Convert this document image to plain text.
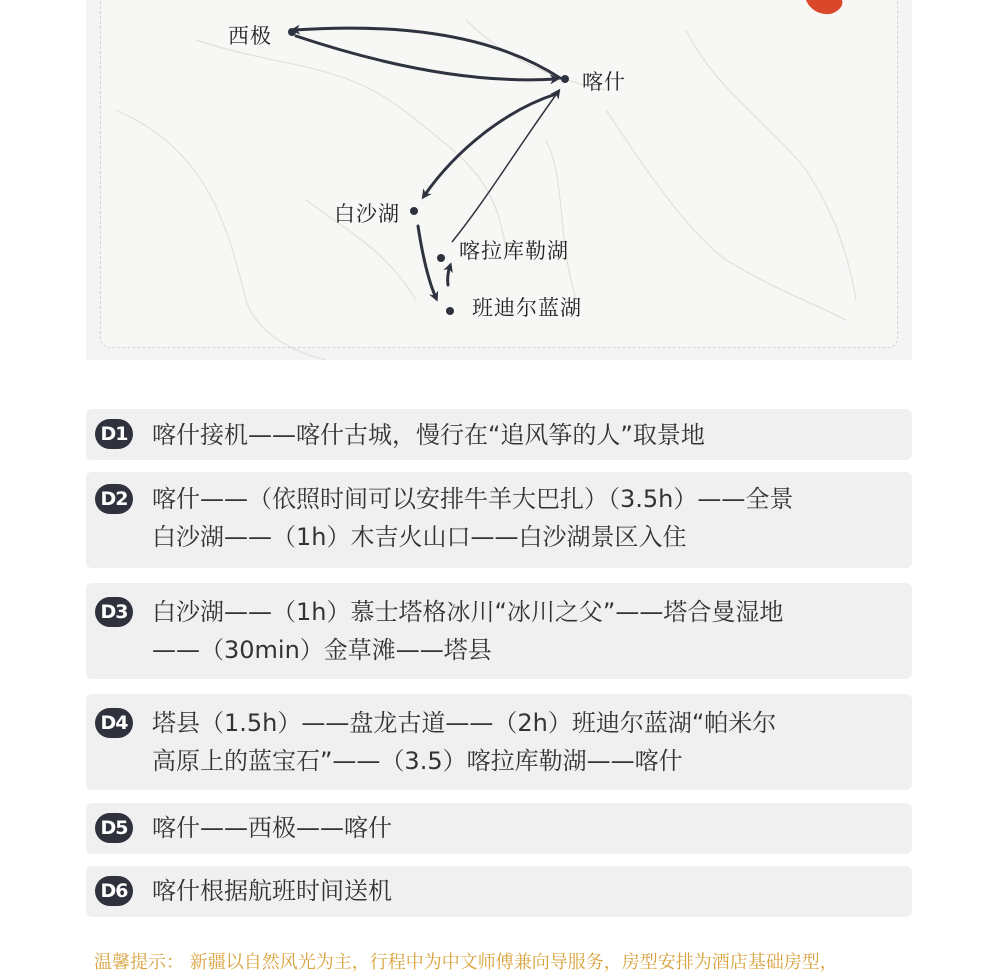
西极
喀什
白沙湖
喀拉库勒湖
班迪尔蓝湖
D1 喀什接机——喀什古城，慢行在“追风筝的人”取景地
D2 喀什——（依照时间可以安排牛羊大巴扎）（3.5h）——全景
白沙湖——（1h）木吉火山口——白沙湖景区入住
D3 白沙湖——（1h）慕士塔格冰川“冰川之父”——塔合曼湿地
——（30min）金草滩——塔县
D4 塔县（1.5h）——盘龙古道——（2h）班迪尔蓝湖“帕米尔
高原上的蓝宝石”——（3.5）喀拉库勒湖——喀什
D5 喀什——西极——喀什
D6 喀什根据航班时间送机
温馨提示： 新疆以自然风光为主，行程中为中文师傅兼向导服务，房型安排为酒店基础房型，
